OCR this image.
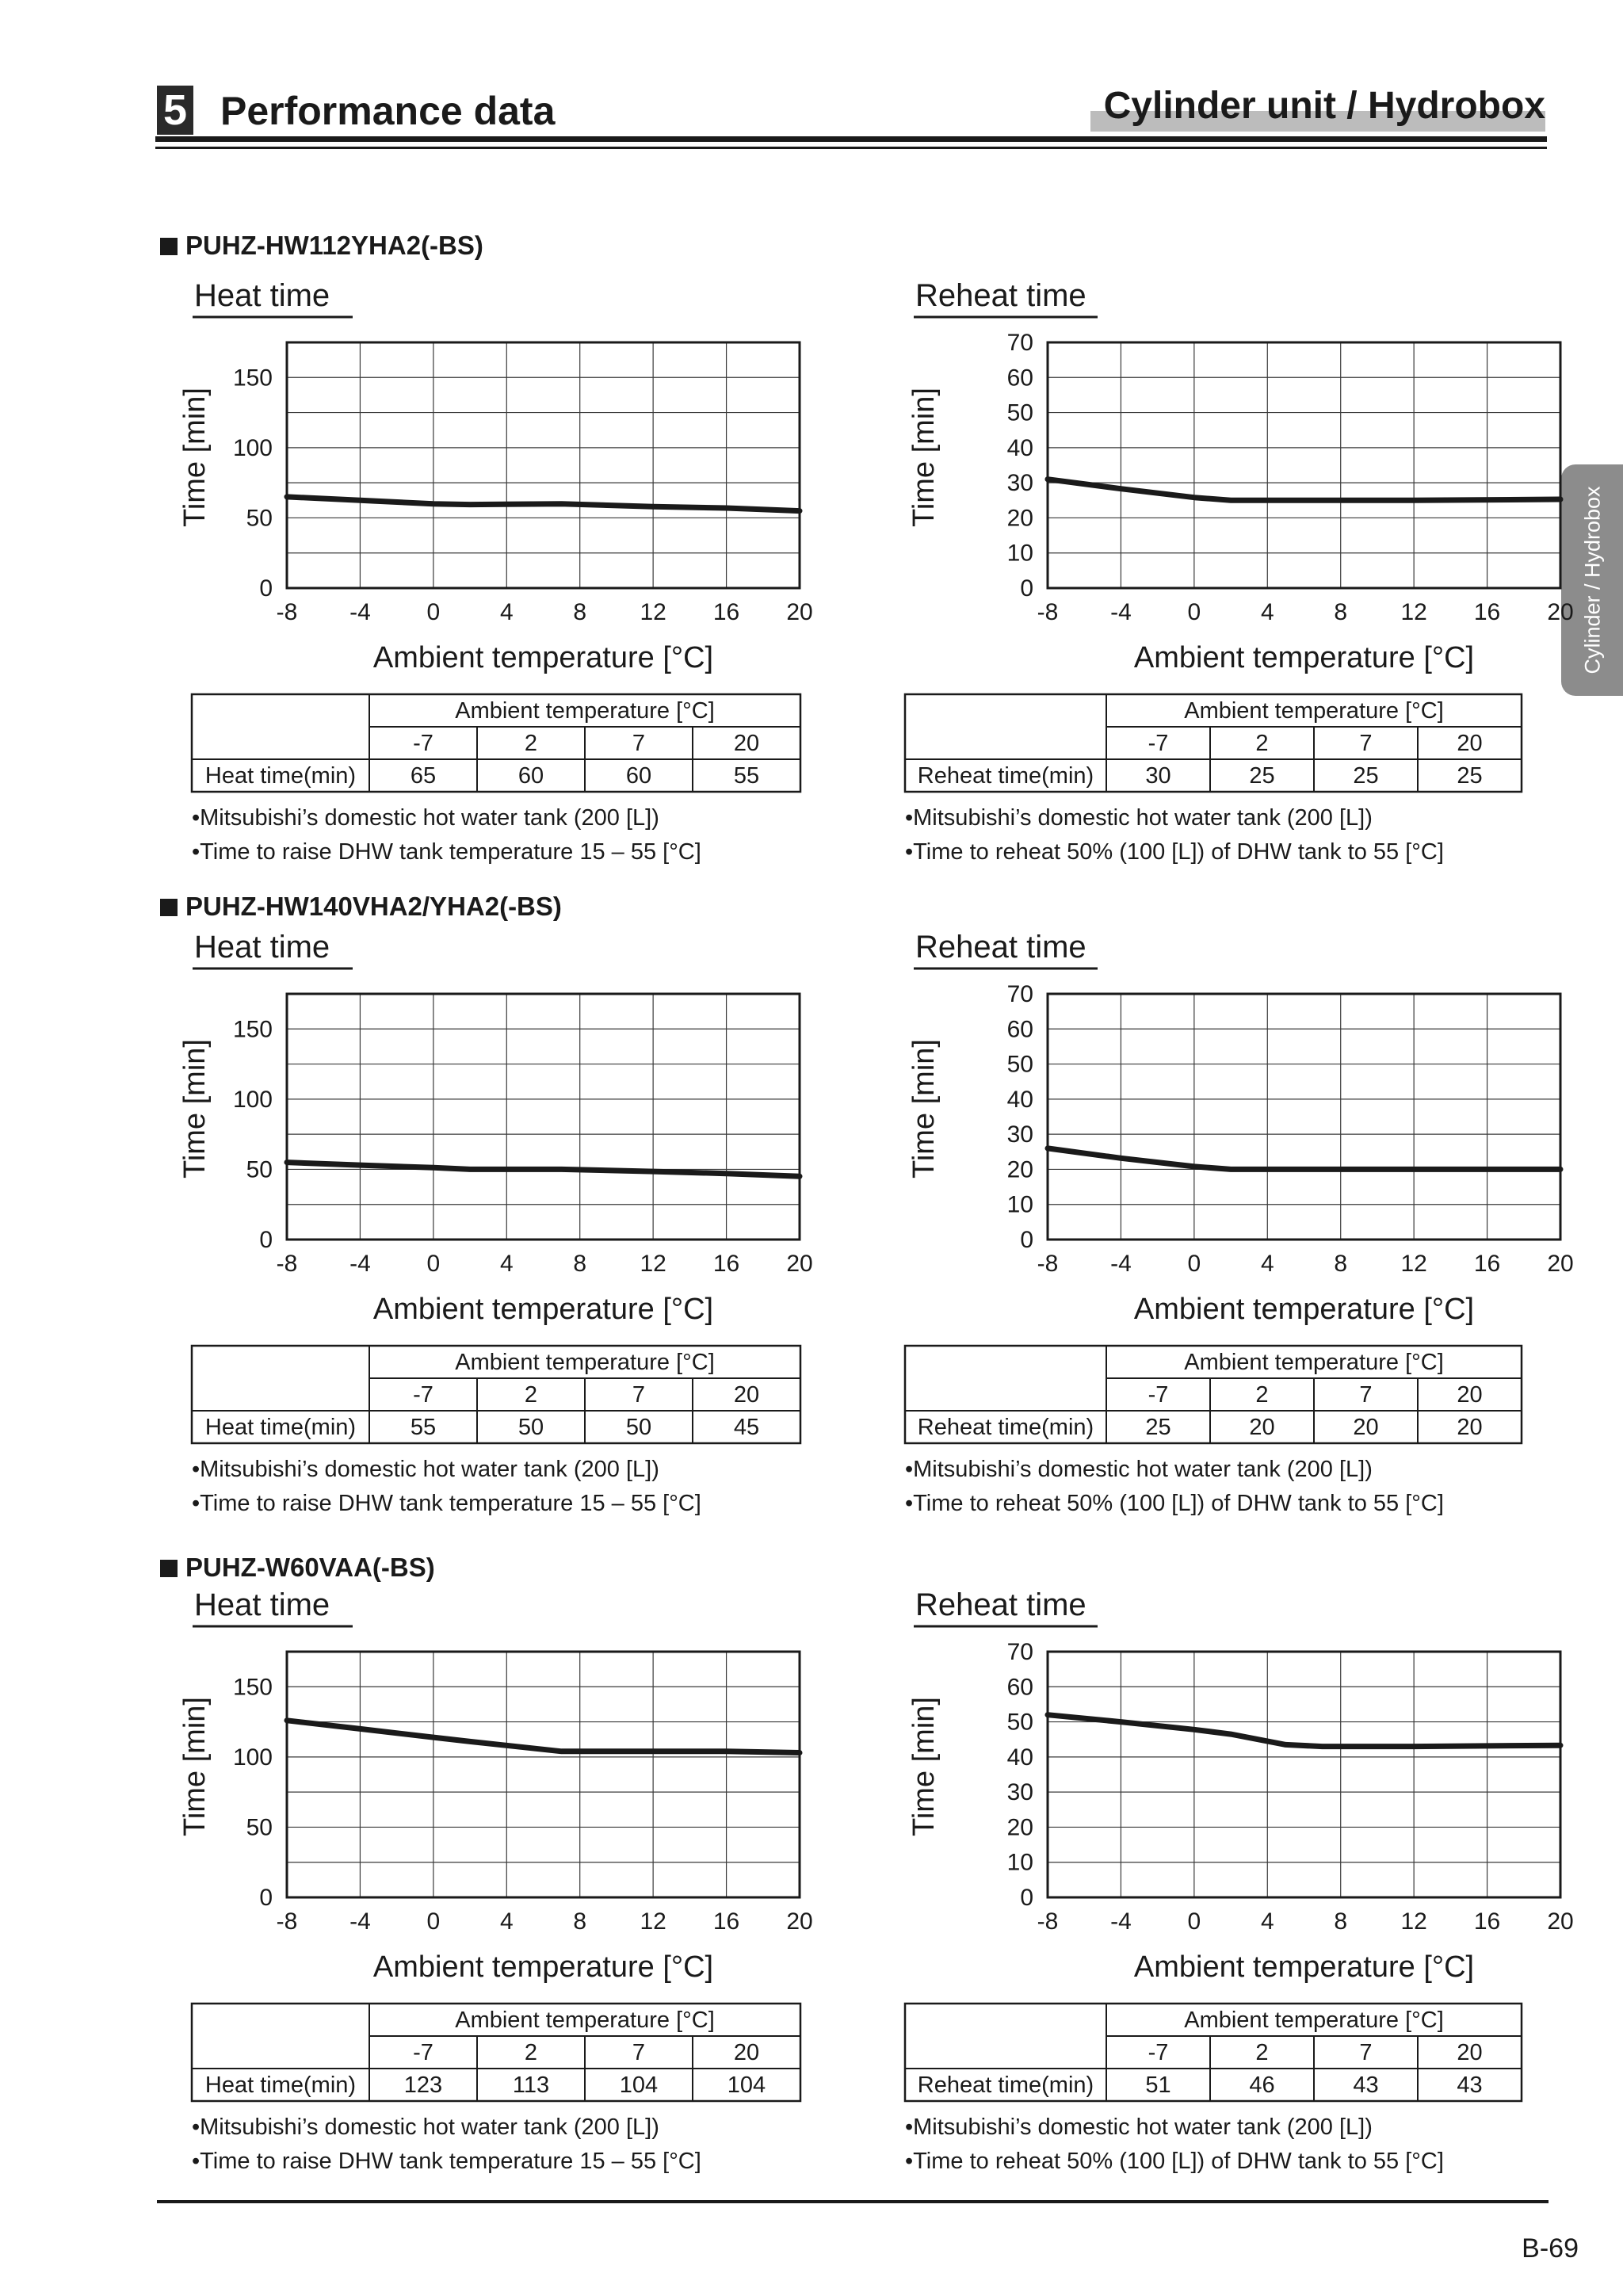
5 Performance data	Cylinder unit / Hydrobox
Cylinder / Hydrobox
PUHZ-HW112YHA2(-BS)
PUHZ-HW140VHA2/YHA2(-BS)
PUHZ-W60VAA(-BS)
Heat time
-8 -4 0	4	8 12 16 20
0
50
100
150
Ambient temperature [°C]
Time [min]
Ambient temperature [°C]
-7	2	7	20
Heat time(min) 65	60	60	55
•Mitsubishi’s domestic hot water tank (200 [L])
•Time to raise DHW tank temperature 15 – 55 [°C]
Reheat time
-8 -4 0	4	8 12 16 20
0
10
20
30
40
50
60
70
Ambient temperature [°C]
Time [min]
Ambient temperature [°C]
-7	2	7	20
Reheat time(min) 30	25	25	25
•Mitsubishi’s domestic hot water tank (200 [L])
•Time to reheat 50% (100 [L]) of DHW tank to 55 [°C]
Heat time
-8 -4 0	4	8 12 16 20
0
50
100
150
Ambient temperature [°C]
Time [min]
Ambient temperature [°C]
-7	2	7	20
Heat time(min) 55	50	50	45
•Mitsubishi’s domestic hot water tank (200 [L])
•Time to raise DHW tank temperature 15 – 55 [°C]
Reheat time
-8 -4 0	4	8 12 16 20
0
10
20
30
40
50
60
70
Ambient temperature [°C]
Time [min]
Ambient temperature [°C]
-7	2	7	20
Reheat time(min) 25	20	20	20
•Mitsubishi’s domestic hot water tank (200 [L])
•Time to reheat 50% (100 [L]) of DHW tank to 55 [°C]
Heat time
-8 -4 0	4	8 12 16 20
0
50
100
150
Ambient temperature [°C]
Time [min]
Ambient temperature [°C]
-7	2	7	20
Heat time(min) 123	113	104	104
•Mitsubishi’s domestic hot water tank (200 [L])
•Time to raise DHW tank temperature 15 – 55 [°C]
Reheat time
-8 -4 0	4	8 12 16 20
0
10
20
30
40
50
60
70
Ambient temperature [°C]
Time [min]
Ambient temperature [°C]
-7	2	7	20
Reheat time(min) 51	46	43	43
•Mitsubishi’s domestic hot water tank (200 [L])
•Time to reheat 50% (100 [L]) of DHW tank to 55 [°C]
B-69
